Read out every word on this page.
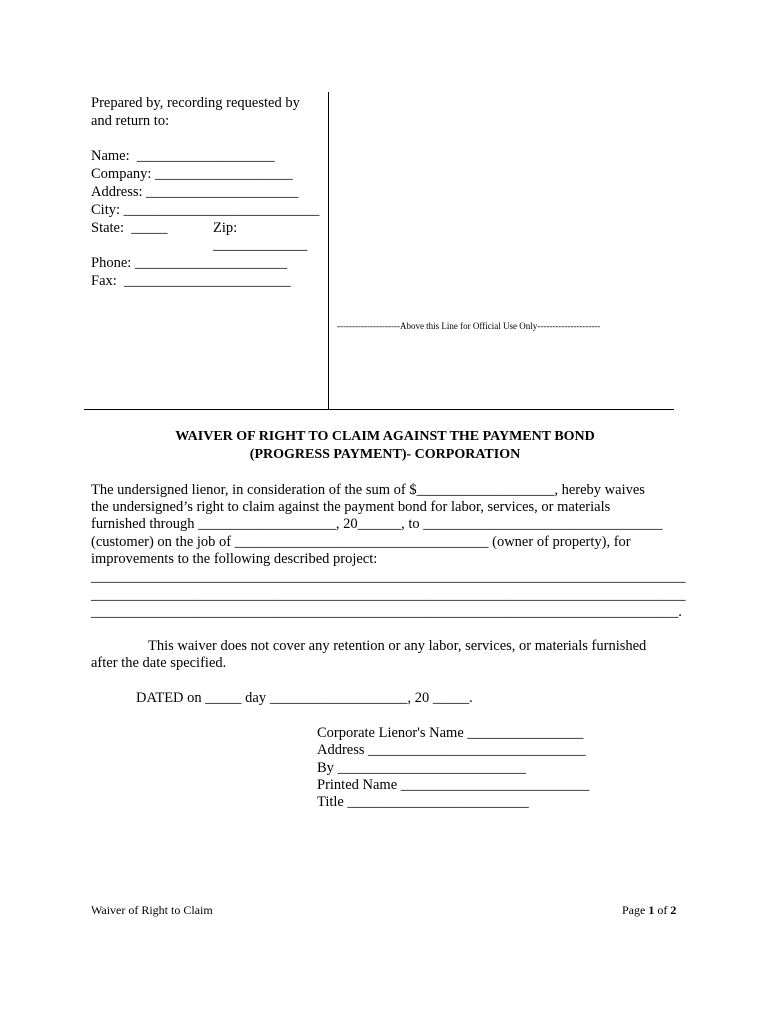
Prepared by, recording requested by
and return to:
Name:  ___________________
Company: ___________________
Address: _____________________
City: ___________________________
State:  _____	Zip:
_____________
Phone: _____________________
Fax:  _______________________
---------------------Above this Line for Official Use Only---------------------
WAIVER OF RIGHT TO CLAIM AGAINST THE PAYMENT BOND
(PROGRESS PAYMENT)- CORPORATION
The undersigned lienor, in consideration of the sum of $___________________, hereby waives
the undersigned’s right to claim against the payment bond for labor, services, or materials
furnished through ___________________, 20______, to _________________________________
(customer) on the job of ___________________________________ (owner of property), for
improvements to the following described project:
__________________________________________________________________________________
__________________________________________________________________________________
_________________________________________________________________________________.
This waiver does not cover any retention or any labor, services, or materials furnished
after the date specified.
DATED on _____ day ___________________, 20 _____.
Corporate Lienor's Name ________________
Address ______________________________
By __________________________
Printed Name __________________________
Title _________________________
Waiver of Right to Claim	Page 1 of 2
